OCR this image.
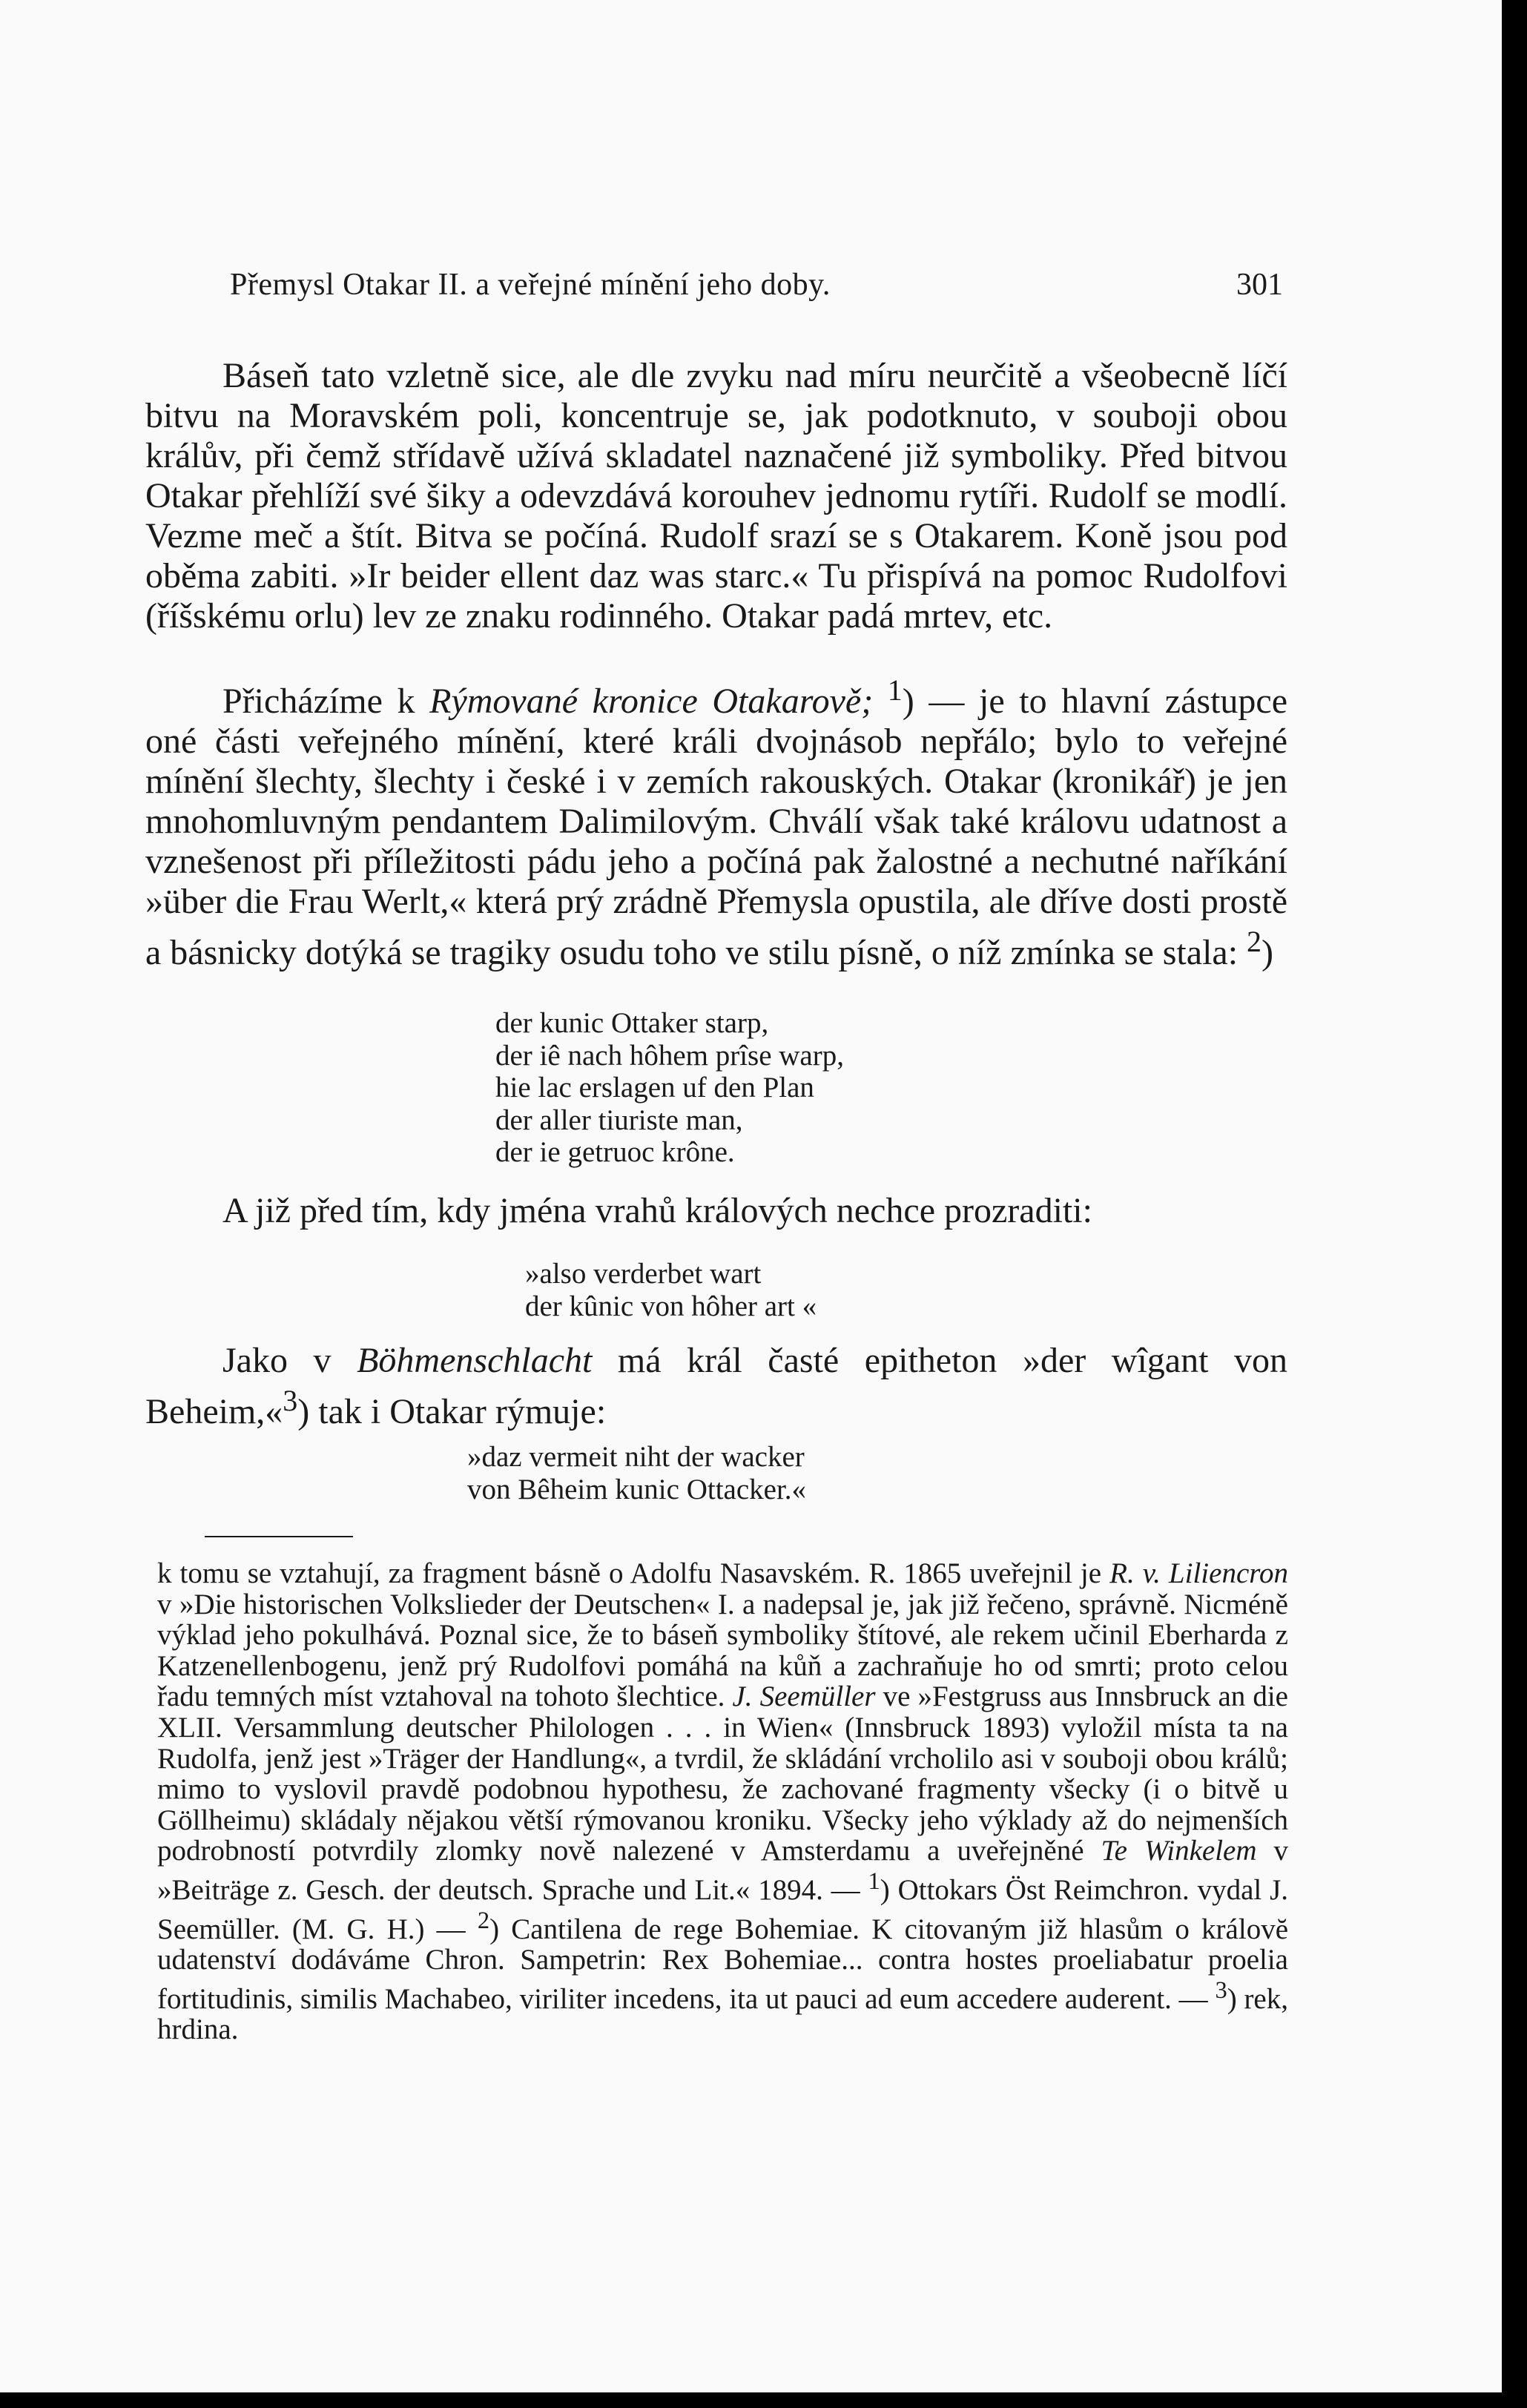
Přemysl Otakar II. a veřejné mínění jeho doby.	301

Báseň tato vzletně sice, ale dle zvyku nad míru neurčitě a všeobecně líčí bitvu na Moravském poli, koncentruje se, jak podotknuto, v souboji obou králův, při čemž střídavě užívá skladatel naznačené již symboliky. Před bitvou Otakar přehlíží své šiky a odevzdává korouhev jednomu rytíři. Rudolf se modlí. Vezme meč a štít. Bitva se počíná. Rudolf srazí se s Otakarem. Koně jsou pod oběma zabiti. »Ir beider ellent daz was starc.« Tu přispívá na pomoc Rudolfovi (říšskému orlu) lev ze znaku rodinného. Otakar padá mrtev, etc.

Přicházíme k Rýmované kronice Otakarově; $^1$) — je to hlavní zástupce oné části veřejného mínění, které králi dvojnásob nepřálo; bylo to veřejné mínění šlechty, šlechty i české i v zemích rakouských. Otakar (kronikář) je jen mnohomluvným pendantem Dalimilovým. Chválí však také královu udatnost a vznešenost při příležitosti pádu jeho a počíná pak žalostné a nechutné naříkání »über die Frau Werlt,« která prý zrádně Přemysla opustila, ale dříve dosti prostě a básnicky dotýká se tragiky osudu toho ve stilu písně, o níž zmínka se stala: $^2$)

der kunic Ottaker starp,
der iê nach hôhem prîse warp,
hie lac erslagen uf den Plan
der aller tiuriste man,
der ie getruoc krône.
A již před tím, kdy jména vrahů králových nechce prozraditi:
»also verderbet wart
der kûnic von hôher art «

Jako v Böhmenschlacht má král časté epitheton »der wîgant von Beheim,«$^3$) tak i Otakar rýmuje:

»daz vermeit niht der wacker
von Bêheim kunic Ottacker.«

k tomu se vztahují, za fragment básně o Adolfu Nasavském. R. 1865 uveřejnil je R. v. Liliencron v »Die historischen Volkslieder der Deutschen« I. a nadepsal je, jak již řečeno, správně. Nicméně výklad jeho pokulhává. Poznal sice, že to báseň symboliky štítové, ale rekem učinil Eberharda z Katzenellenbogenu, jenž prý Rudolfovi pomáhá na kůň a zachraňuje ho od smrti; proto celou řadu temných míst vztahoval na tohoto šlechtice. J. Seemüller ve »Festgruss aus Innsbruck an die XLII. Versammlung deutscher Philologen . . . in Wien« (Innsbruck 1893) vyložil místa ta na Rudolfa, jenž jest »Träger der Handlung«, a tvrdil, že skládání vrcholilo asi v souboji obou králů; mimo to vyslovil pravdě podobnou hypothesu, že zachované fragmenty všecky (i o bitvě u Göllheimu) skládaly nějakou větší rýmovanou kroniku. Všecky jeho výklady až do nejmenších podrobností potvrdily zlomky nově nalezené v Amsterdamu a uveřejněné Te Winkelem v »Beiträge z. Gesch. der deutsch. Sprache und Lit.« 1894. — $^1$) Ottokars Öst Reimchron. vydal J. Seemüller. (M. G. H.) — $^2$) Cantilena de rege Bohemiae. K citovaným již hlasům o královĕ udatenství dodáváme Chron. Sampetrin: Rex Bohemiae... contra hostes proeliabatur proelia fortitudinis, similis Machabeo, viriliter incedens, ita ut pauci ad eum accedere auderent. — $^3$) rek, hrdina.
